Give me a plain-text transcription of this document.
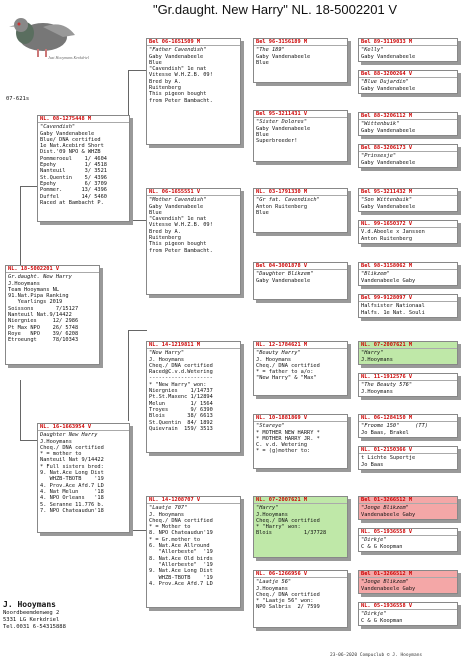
"Gr.daught. New Harry" NL. 18-5002201 V
Just Hooymans Kerkdriel
07-621s
NL. 18-5002201 V
Gr.daught. New Harry
J.Hooymans
Team Hooymans NL
91.Nat.Pipa Ranking
Yearlings 2019
Soissons       7/15127
Nanteuil Nat.9/14422
Niergnies     12/ 2986
Pt Max NPO    26/ 5748
Roye   NPO    39/ 6208
Etroeungt     78/10343
NL. 08-1275448 M
"Cavendish"
Gaby Vandenabeele
Blue/ DNA certified
1e Nat.Acebird Short
Dist.'09 NPO & WHZB
Pommeroeul    1/ 4604
Epehy         1/ 4518
Nanteuil      3/ 3521
St.Quentin    5/ 4396
Epehy         6/ 3709
Pommer.      13/ 4396
Duffel       14/ 5460
Raced at Bambacht P.
NL. 16-1663954 V
Daughter New Harry
J.Hooymans
Cheq./ DNA certified
* = mother to
Nanteuil Nat 9/14422
* Full sisters bred:
9. Nat.Ace Long Dist
WHZB-TBOTB    '19
4. Prov.Ace Afd.7 LD
4. Nat Melun     '18
4. NPO Orleans   '18
5. Seranne 11.776 b.
7. NPO Chateaudun'18
Bel 06-1651509 M
"Father Cavendish"
Gaby Vandenabeele
Blue
"Cavendish" 1e nat
Vitesse W.H.Z.B. 09!
Bred by A.
Ruitenberg
This pigeon bought
from Peter Bambacht.
NL. 06-1655551 V
"Mother Cavendish"
Gaby Vandenabeele
Blue
"Cavendish" 1e nat
Vitesse W.H.Z.B. 09!
Bred by A.
Ruitenberg
This pigeon bought
from Peter Bambacht.
NL. 14-1219811 M
"New Harry"
J. Hooymans
Cheq./ DNA certified
Raced@C.v.d.Wetering
--------------------
* "New Harry" won:
Niergnies    1/14737
Pt.St.Maxenc 1/12894
Melun        1/ 1564
Troyes       9/ 6390
Blois       38/ 6613
St.Quentin  84/ 1892
Quievrain  159/ 3513
NL. 14-1208707 V
"Laatje 707"
J. Hooymans
Cheq./ DNA certified
* = Mother to
8. NPO Chateaudun'19
* = Gr.mother to
6. Nat.Ace Allround
"Allerbeste"  '19
8. Nat.Ace Old birds
"Allerbeste"  '19
9. Nat.Ace Long Dist
WHZB-TBOTB    '19
4. Prov.Ace Afd.7 LD
Bel 96-3156189 M
"The 189"
Gaby Vandenabeele
Blue
Bel 95-3211431 V
"Sister Dolores"
Gaby Vandenabeele
Blue
Superbreeder!
NL. 03-1791330 M
"Gr fat. Cavendisch"
Anton Ruitenberg
Blue
Bel 04-3001878 V
"Daughter Blikzem"
Gaby Vandenabeele
NL. 12-1784621 M
"Beauty Harry"
J. Hooymans
Cheq./ DNA certified
* = father to a/o:
"New Harry" & "Max"
NL. 10-1881869 V
"Stareye"
* MOTHER NEW HARRY *
* MOTHER HARRY JR. *
C. v.d. Wetering
* = (g)mother to:
NL. 07-2007621 M
"Harry"
J.Hooymans
Cheq./ DNA certified
* "Harry" won:
Blois          1/37728
NL. 06-1266956 V
"Laatje 56"
J.Hooymans
Cheq./ DNA certified
* "Laatje 56" won:
NPO Salbris  2/ 7599
Bel 89-3119033 M
"Kelly"
Gaby Vandenabeele
Bel 88-3200264 V
"Blue Dujardin"
Gaby Vandenabeele
Bel 88-3206112 M
"Wittenbuik"
Gaby Vandenabeele
Bel 88-3206173 V
"Prinsesje"
Gaby Vandenabeele
Bel 95-3211432 M
"Son Wittenbuik"
Gaby Vandenabeele
NL. 99-1650372 V
V.d.Abeele x Janssen
Anton Ruitenberg
Bel 98-3158062 M
"Blikzem"
Vandenabeele Gaby
Bel 99-9128097 V
Halfsister Nationaal
Halfs. 1e Nat. Souli
NL. 07-2007621 M
"Harry"
J.Hooymans
NL. 11-1912576 V
"The Beauty 576"
J.Hooymans
NL. 06-1284150 M
"Froome 150"     (TT)
Jo Baas, Brakel
NL. 01-2150366 V
t Lichte Supertje
Jo Baas
Bel 01-3266512 M
"Jonge Blikzem"
Vandenabeele Gaby
NL. 05-1936558 V
"Dirkje"
C & G Koopman
Bel 01-3266512 M
"Jonge Blikzem"
Vandenabeele Gaby
NL. 05-1936558 V
"Dirkje"
C & G Koopman
J. Hooymans
Noordbeemdenweg 2
5331 LG Kerkdriel
Tel.0031 6-54315888
23-06-2020 Compuclub © J. Hooymans
